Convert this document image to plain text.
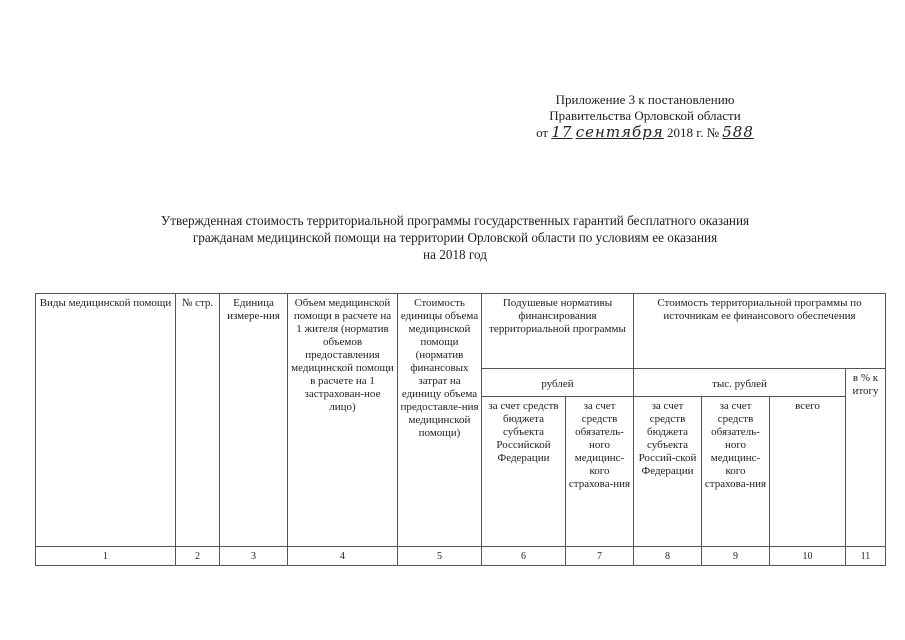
Приложение 3 к постановлению
Правительства Орловской области
от 17 сентября 2018 г. № 588
Утвержденная стоимость территориальной программы государственных гарантий бесплатного оказания
гражданам медицинской помощи на территории Орловской области по условиям ее оказания
на 2018 год
Виды медицинской помощи	№ стр.	Единица измере-ния	Объем медицинской помощи в расчете на 1 жителя (норматив объемов предоставления медицинской помощи в расчете на 1 застрахован-ное лицо)	Стоимость единицы объема медицинской помощи (норматив финансовых затрат на единицу объема предоставле-ния медицинской помощи)	Подушевые нормативы финансирования территориальной программы		Стоимость территориальной программы по источникам ее финансового обеспечения			
					рублей		тыс. рублей			в % к итогу
					за счет средств бюджета субъекта Российской Федерации	за счет средств обязатель-ного медицинс-кого страхова-ния	за счет средств бюджета субъекта Россий-ской Федерации	за счет средств обязатель-ного медицинс-кого страхова-ния	всего	
1	2	3	4	5	6	7	8	9	10	11
